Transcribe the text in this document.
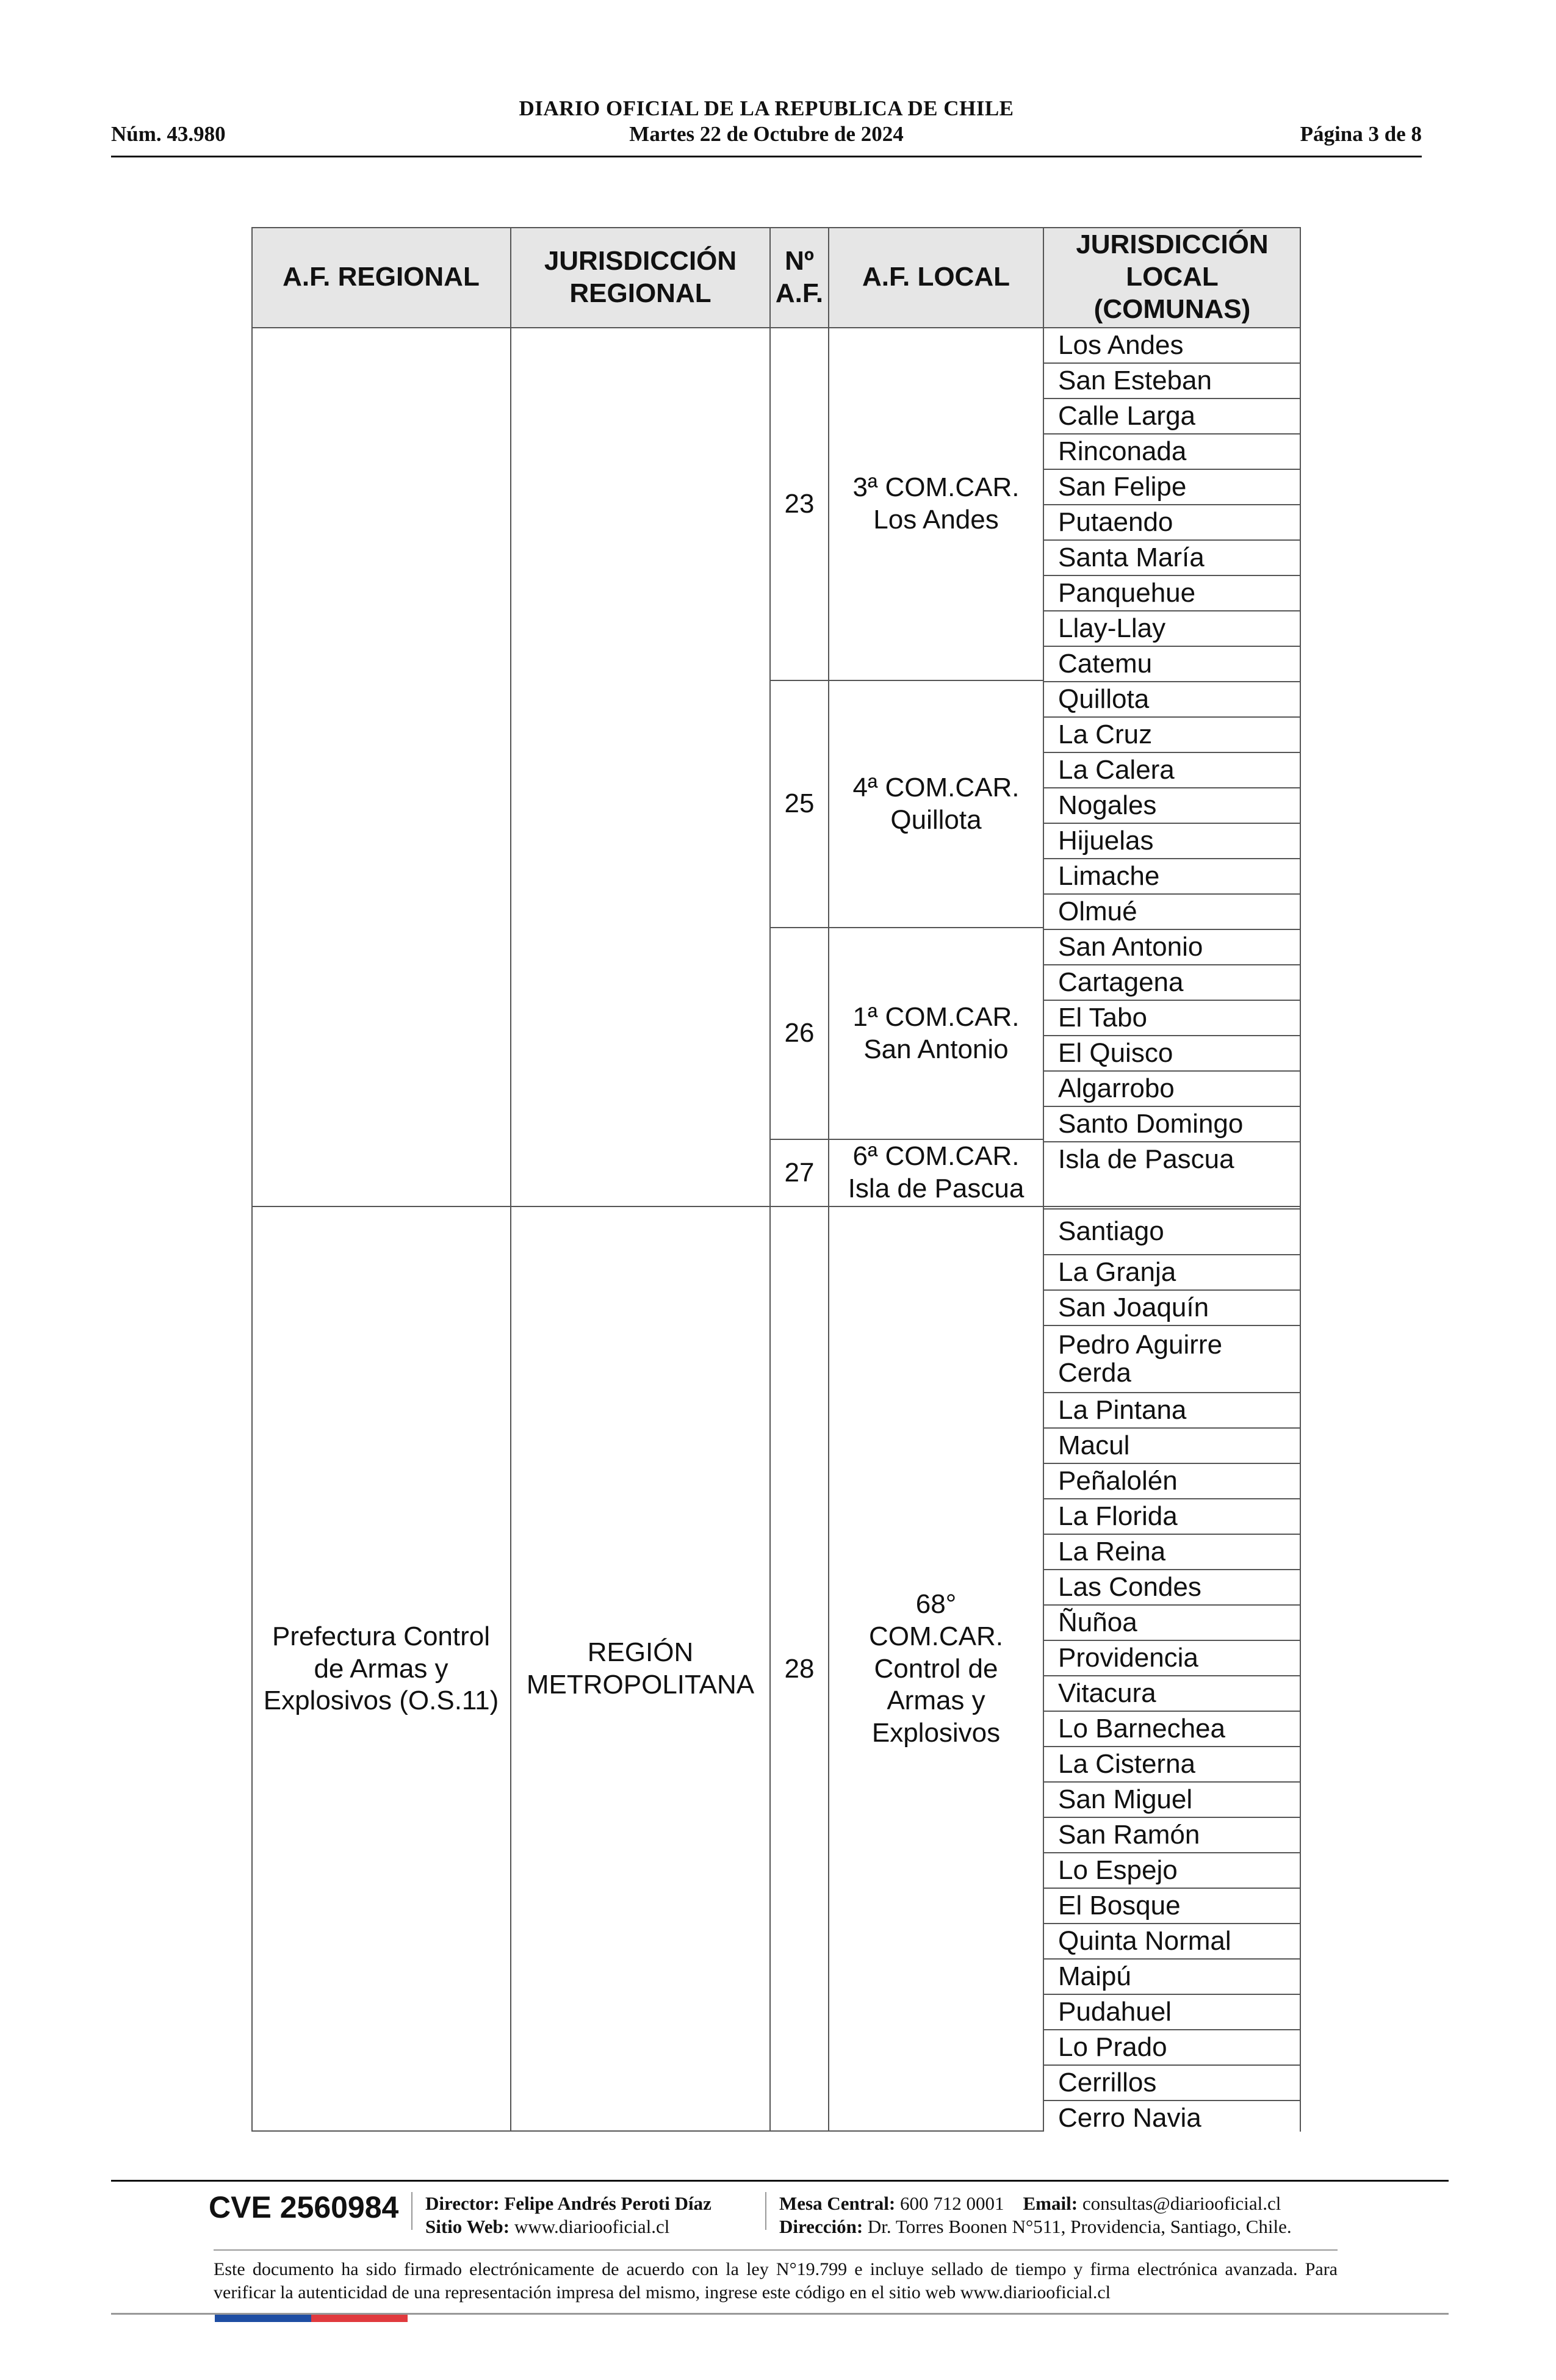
DIARIO OFICIAL DE LA REPUBLICA DE CHILE
Núm. 43.980	Martes 22 de Octubre de 2024	Página 3 de 8
A.F. REGIONAL
JURISDICCIÓN REGIONAL
Nº A.F.
A.F. LOCAL
JURISDICCIÓN LOCAL (COMUNAS)
23
3ª COM.CAR. Los Andes
25
4ª COM.CAR. Quillota
26
1ª COM.CAR. San Antonio
27
6ª COM.CAR. Isla de Pascua
Prefectura Control de Armas y Explosivos (O.S.11)
REGIÓN METROPOLITANA
28
68° COM.CAR. Control de Armas y Explosivos
Los Andes
San Esteban
Calle Larga
Rinconada
San Felipe
Putaendo
Santa María
Panquehue
Llay-Llay
Catemu
Quillota
La Cruz
La Calera
Nogales
Hijuelas
Limache
Olmué
San Antonio
Cartagena
El Tabo
El Quisco
Algarrobo
Santo Domingo
Isla de Pascua
Santiago
La Granja
San Joaquín
Pedro Aguirre Cerda
La Pintana
Macul
Peñalolén
La Florida
La Reina
Las Condes
Ñuñoa
Providencia
Vitacura
Lo Barnechea
La Cisterna
San Miguel
San Ramón
Lo Espejo
El Bosque
Quinta Normal
Maipú
Pudahuel
Lo Prado
Cerrillos
Cerro Navia
CVE 2560984 Director: Felipe Andrés Peroti Díaz
Sitio Web: www.diariooficial.cl
Mesa Central: 600 712 0001 Email: consultas@diariooficial.cl
Dirección: Dr. Torres Boonen N°511, Providencia, Santiago, Chile.
Este documento ha sido firmado electrónicamente de acuerdo con la ley N°19.799 e incluye sellado de tiempo y firma electrónica avanzada. Para verificar la autenticidad de una representación impresa del mismo, ingrese este código en el sitio web www.diariooficial.cl
